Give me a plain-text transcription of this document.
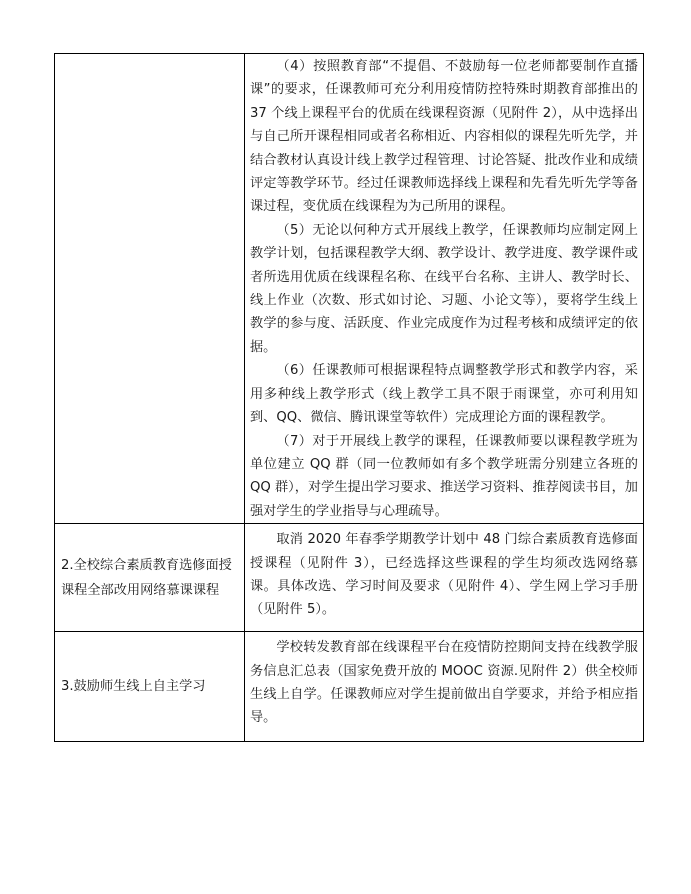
	（4）按照教育部“不提倡、不鼓励每一位老师都要制作直播课”的要求，任课教师可充分利用疫情防控特殊时期教育部推出的 37 个线上课程平台的优质在线课程资源（见附件 2），从中选择出与自己所开课程相同或者名称相近、内容相似的课程先听先学，并结合教材认真设计线上教学过程管理、讨论答疑、批改作业和成绩评定等教学环节。经过任课教师选择线上课程和先看先听先学等备课过程，变优质在线课程为为己所用的课程。

（5）无论以何种方式开展线上教学，任课教师均应制定网上教学计划，包括课程教学大纲、教学设计、教学进度、教学课件或者所选用优质在线课程名称、在线平台名称、主讲人、教学时长、线上作业（次数、形式如讨论、习题、小论文等），要将学生线上教学的参与度、活跃度、作业完成度作为过程考核和成绩评定的依据。

（6）任课教师可根据课程特点调整教学形式和教学内容，采用多种线上教学形式（线上教学工具不限于雨课堂，亦可利用知到、QQ、微信、腾讯课堂等软件）完成理论方面的课程教学。

（7）对于开展线上教学的课程，任课教师要以课程教学班为单位建立 QQ 群（同一位教师如有多个教学班需分别建立各班的 QQ 群），对学生提出学习要求、推送学习资料、推荐阅读书目，加强对学生的学业指导与心理疏导。

2.全校综合素质教育选修面授课程全部改用网络慕课课程	取消 2020 年春季学期教学计划中 48 门综合素质教育选修面授课程（见附件 3），已经选择这些课程的学生均须改选网络慕课。具体改选、学习时间及要求（见附件 4）、学生网上学习手册（见附件 5）。

3.鼓励师生线上自主学习	学校转发教育部在线课程平台在疫情防控期间支持在线教学服务信息汇总表（国家免费开放的 MOOC 资源.见附件 2）供全校师生线上自学。任课教师应对学生提前做出自学要求，并给予相应指导。
